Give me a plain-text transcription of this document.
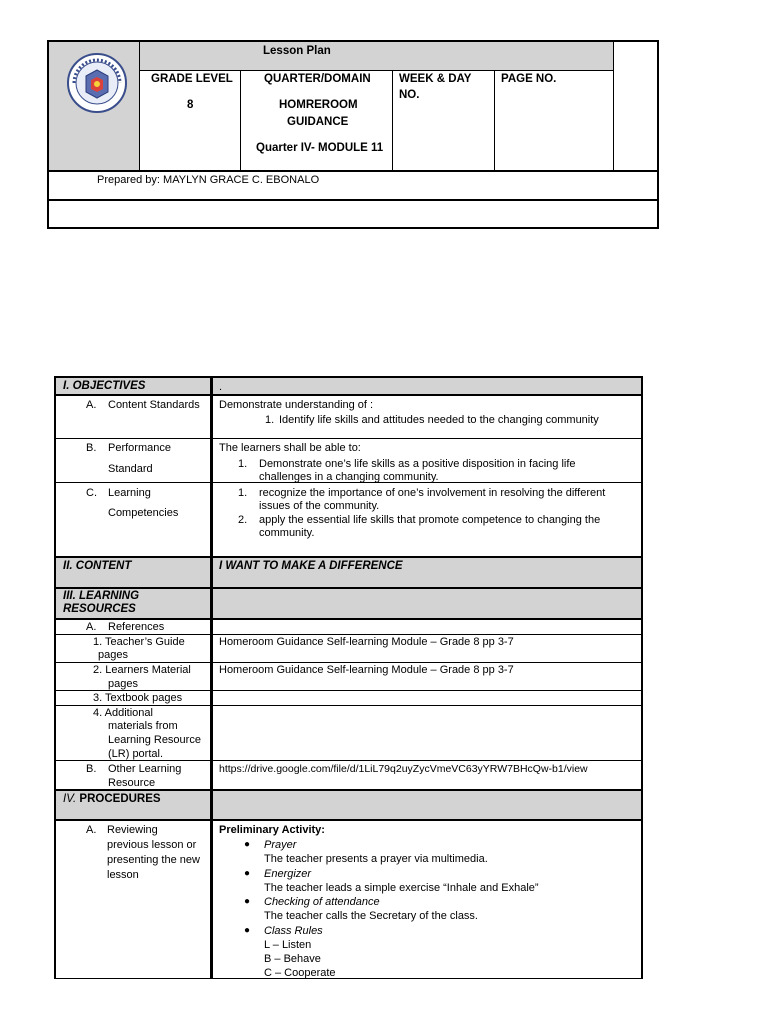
Lesson Plan
GRADE LEVEL
8
QUARTER/DOMAIN
HOMREROOM
GUIDANCE
Quarter IV- MODULE 11
WEEK & DAY
NO.
PAGE NO.
Prepared by: MAYLYN GRACE C. EBONALO
I. OBJECTIVES	.
A. Content Standards Demonstrate understanding of :
1. Identify life skills and attitudes needed to the changing community
B. Performance
Standard
The learners shall be able to:
1. Demonstrate one’s life skills as a positive disposition in facing life
challenges in a changing community.
C. Learning
Competencies
1. recognize the importance of one’s involvement in resolving the different
issues of the community.
2. apply the essential life skills that promote competence to changing the
community.
II. CONTENT	I WANT TO MAKE A DIFFERENCE
III. LEARNING
RESOURCES
A. References
1. Teacher’s Guide
pages
Homeroom Guidance Self-learning Module – Grade 8 pp 3-7
2. Learners Material
pages
Homeroom Guidance Self-learning Module – Grade 8 pp 3-7
3. Textbook pages
4. Additional
materials from
Learning Resource
(LR) portal.
B. Other Learning
Resource
https://drive.google.com/file/d/1LiL79q2uyZycVmeVC63yYRW7BHcQw-b1/view
IV. PROCEDURES
A. Reviewing
previous lesson or
presenting the new
lesson
Preliminary Activity:
● Prayer
The teacher presents a prayer via multimedia.
● Energizer
The teacher leads a simple exercise “Inhale and Exhale”
● Checking of attendance
The teacher calls the Secretary of the class.
● Class Rules
L – Listen
B – Behave
C – Cooperate
